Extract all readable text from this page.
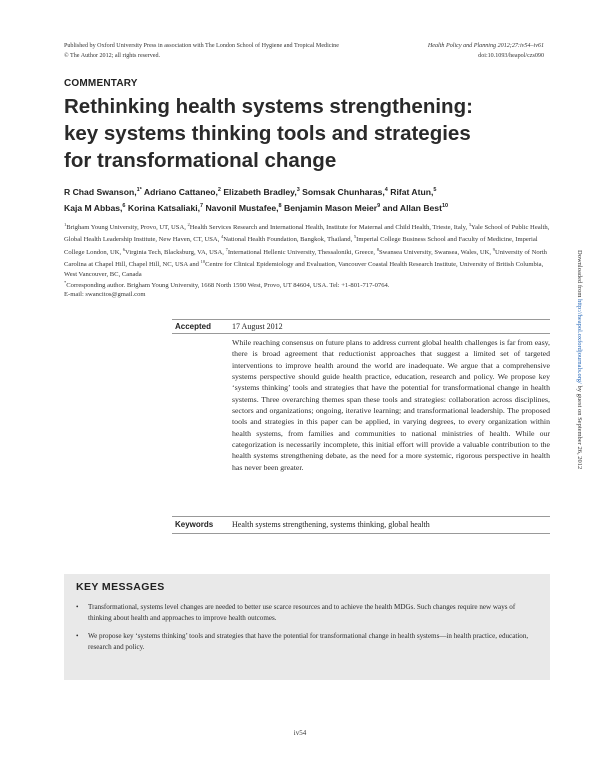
Published by Oxford University Press in association with The London School of Hygiene and Tropical Medicine
© The Author 2012; all rights reserved.
Health Policy and Planning 2012;27:iv54–iv61
doi:10.1093/heapol/czs090
COMMENTARY
Rethinking health systems strengthening:
key systems thinking tools and strategies
for transformational change
R Chad Swanson,$^{1*}$ Adriano Cattaneo,$^2$ Elizabeth Bradley,$^3$ Somsak Chunharas,$^4$ Rifat Atun,$^5$
Kaja M Abbas,$^6$ Korina Katsaliaki,$^7$ Navonil Mustafee,$^8$ Benjamin Mason Meier$^9$ and Allan Best$^{10}$
$^1$Brigham Young University, Provo, UT, USA, $^2$Health Services Research and International Health, Institute for Maternal and Child Health, Trieste, Italy, $^3$Yale School of Public Health, Global Health Leadership Institute, New Haven, CT, USA, $^4$National Health Foundation, Bangkok, Thailand, $^5$Imperial College Business School and Faculty of Medicine, Imperial College London, UK, $^6$Virginia Tech, Blacksburg, VA, USA, $^7$International Hellenic University, Thessaloniki, Greece, $^8$Swansea University, Swansea, Wales, UK, $^9$University of North Carolina at Chapel Hill, Chapel Hill, NC, USA and $^{10}$Centre for Clinical Epidemiology and Evaluation, Vancouver Coastal Health Research Institute, University of British Columbia, West Vancouver, BC, Canada
*Corresponding author. Brigham Young University, 1668 North 1590 West, Provo, UT 84604, USA. Tel: +1-801-717-0764.
E-mail: swancitos@gmail.com
Accepted	17 August 2012
While reaching consensus on future plans to address current global health challenges is far from easy, there is broad agreement that reductionist approaches that suggest a limited set of targeted interventions to improve health around the world are inadequate. We argue that a comprehensive systems perspective should guide health practice, education, research and policy. We propose key ‘systems thinking’ tools and strategies that have the potential for transformational change in health systems. Three overarching themes span these tools and strategies: collaboration across disciplines, sectors and organizations; ongoing, iterative learning; and transformational leadership. The proposed tools and strategies in this paper can be applied, in varying degrees, to every organization within health systems, from families and communities to national ministries of health. While our categorization is necessarily incomplete, this initial effort will provide a valuable contribution to the health systems strengthening debate, as the need for a more systemic, rigorous perspective in health has never been greater.
Keywords Health systems strengthening, systems thinking, global health
KEY MESSAGES
• Transformational, systems level changes are needed to better use scarce resources and to achieve the health MDGs. Such changes require new ways of thinking about health and approaches to improve health outcomes.
• We propose key ‘systems thinking’ tools and strategies that have the potential for transformational change in health systems—in health practice, education, research and policy.
Downloaded from http://heapol.oxfordjournals.org/ by guest on September 26, 2012
iv54
